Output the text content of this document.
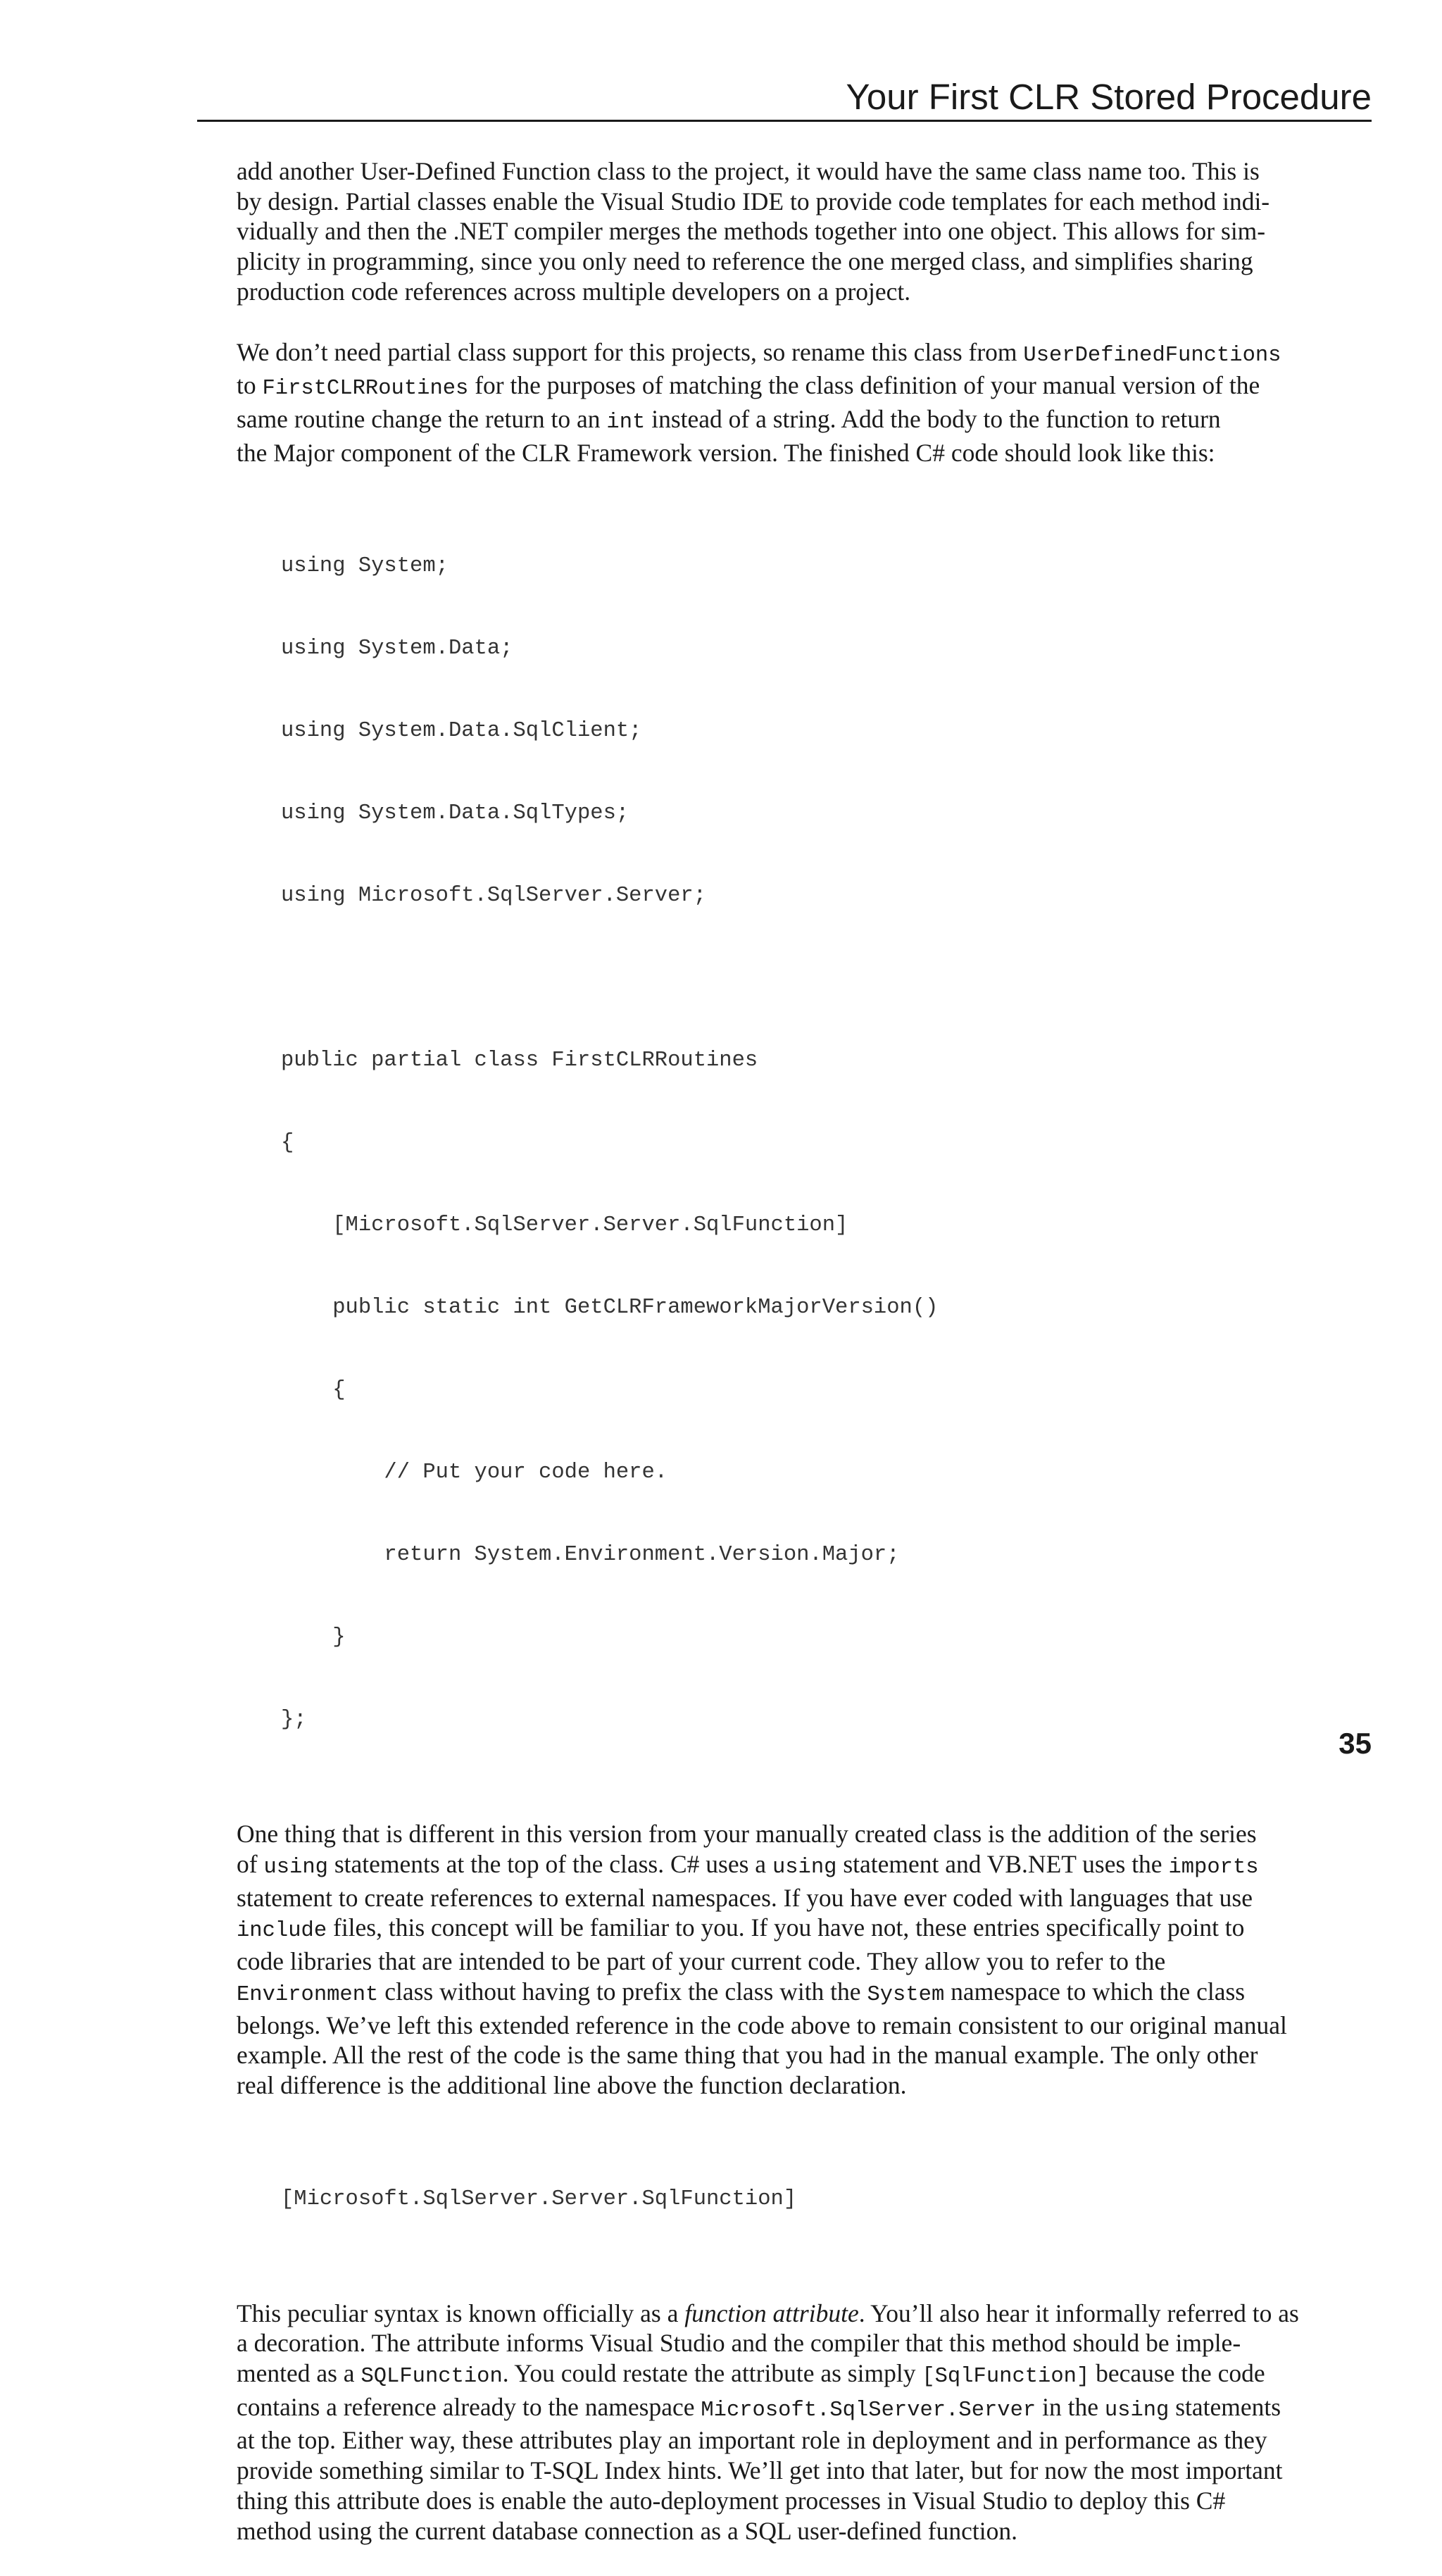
Your First CLR Stored Procedure

add another User-Defined Function class to the project, it would have the same class name too. This is
by design. Partial classes enable the Visual Studio IDE to provide code templates for each method indi-
vidually and then the .NET compiler merges the methods together into one object. This allows for sim-
plicity in programming, since you only need to reference the one merged class, and simplifies sharing
production code references across multiple developers on a project.

We don’t need partial class support for this projects, so rename this class from UserDefinedFunctions
to FirstCLRRoutines for the purposes of matching the class definition of your manual version of the
same routine change the return to an int instead of a string. Add the body to the function to return
the Major component of the CLR Framework version. The finished C# code should look like this:

using System;

using System.Data;

using System.Data.SqlClient;

using System.Data.SqlTypes;

using Microsoft.SqlServer.Server;

public partial class FirstCLRRoutines

{

[Microsoft.SqlServer.Server.SqlFunction]

public static int GetCLRFrameworkMajorVersion()

{

// Put your code here.

return System.Environment.Version.Major;

}

};

One thing that is different in this version from your manually created class is the addition of the series
of using statements at the top of the class. C# uses a using statement and VB.NET uses the imports
statement to create references to external namespaces. If you have ever coded with languages that use
include files, this concept will be familiar to you. If you have not, these entries specifically point to
code libraries that are intended to be part of your current code. They allow you to refer to the
Environment class without having to prefix the class with the System namespace to which the class
belongs. We’ve left this extended reference in the code above to remain consistent to our original manual
example. All the rest of the code is the same thing that you had in the manual example. The only other
real difference is the additional line above the function declaration.

[Microsoft.SqlServer.Server.SqlFunction]

This peculiar syntax is known officially as a function attribute. You’ll also hear it informally referred to as
a decoration. The attribute informs Visual Studio and the compiler that this method should be imple-
mented as a SQLFunction. You could restate the attribute as simply [SqlFunction] because the code
contains a reference already to the namespace Microsoft.SqlServer.Server in the using statements
at the top. Either way, these attributes play an important role in deployment and in performance as they
provide something similar to T-SQL Index hints. We’ll get into that later, but for now the most important
thing this attribute does is enable the auto-deployment processes in Visual Studio to deploy this C#
method using the current database connection as a SQL user-defined function.

35
